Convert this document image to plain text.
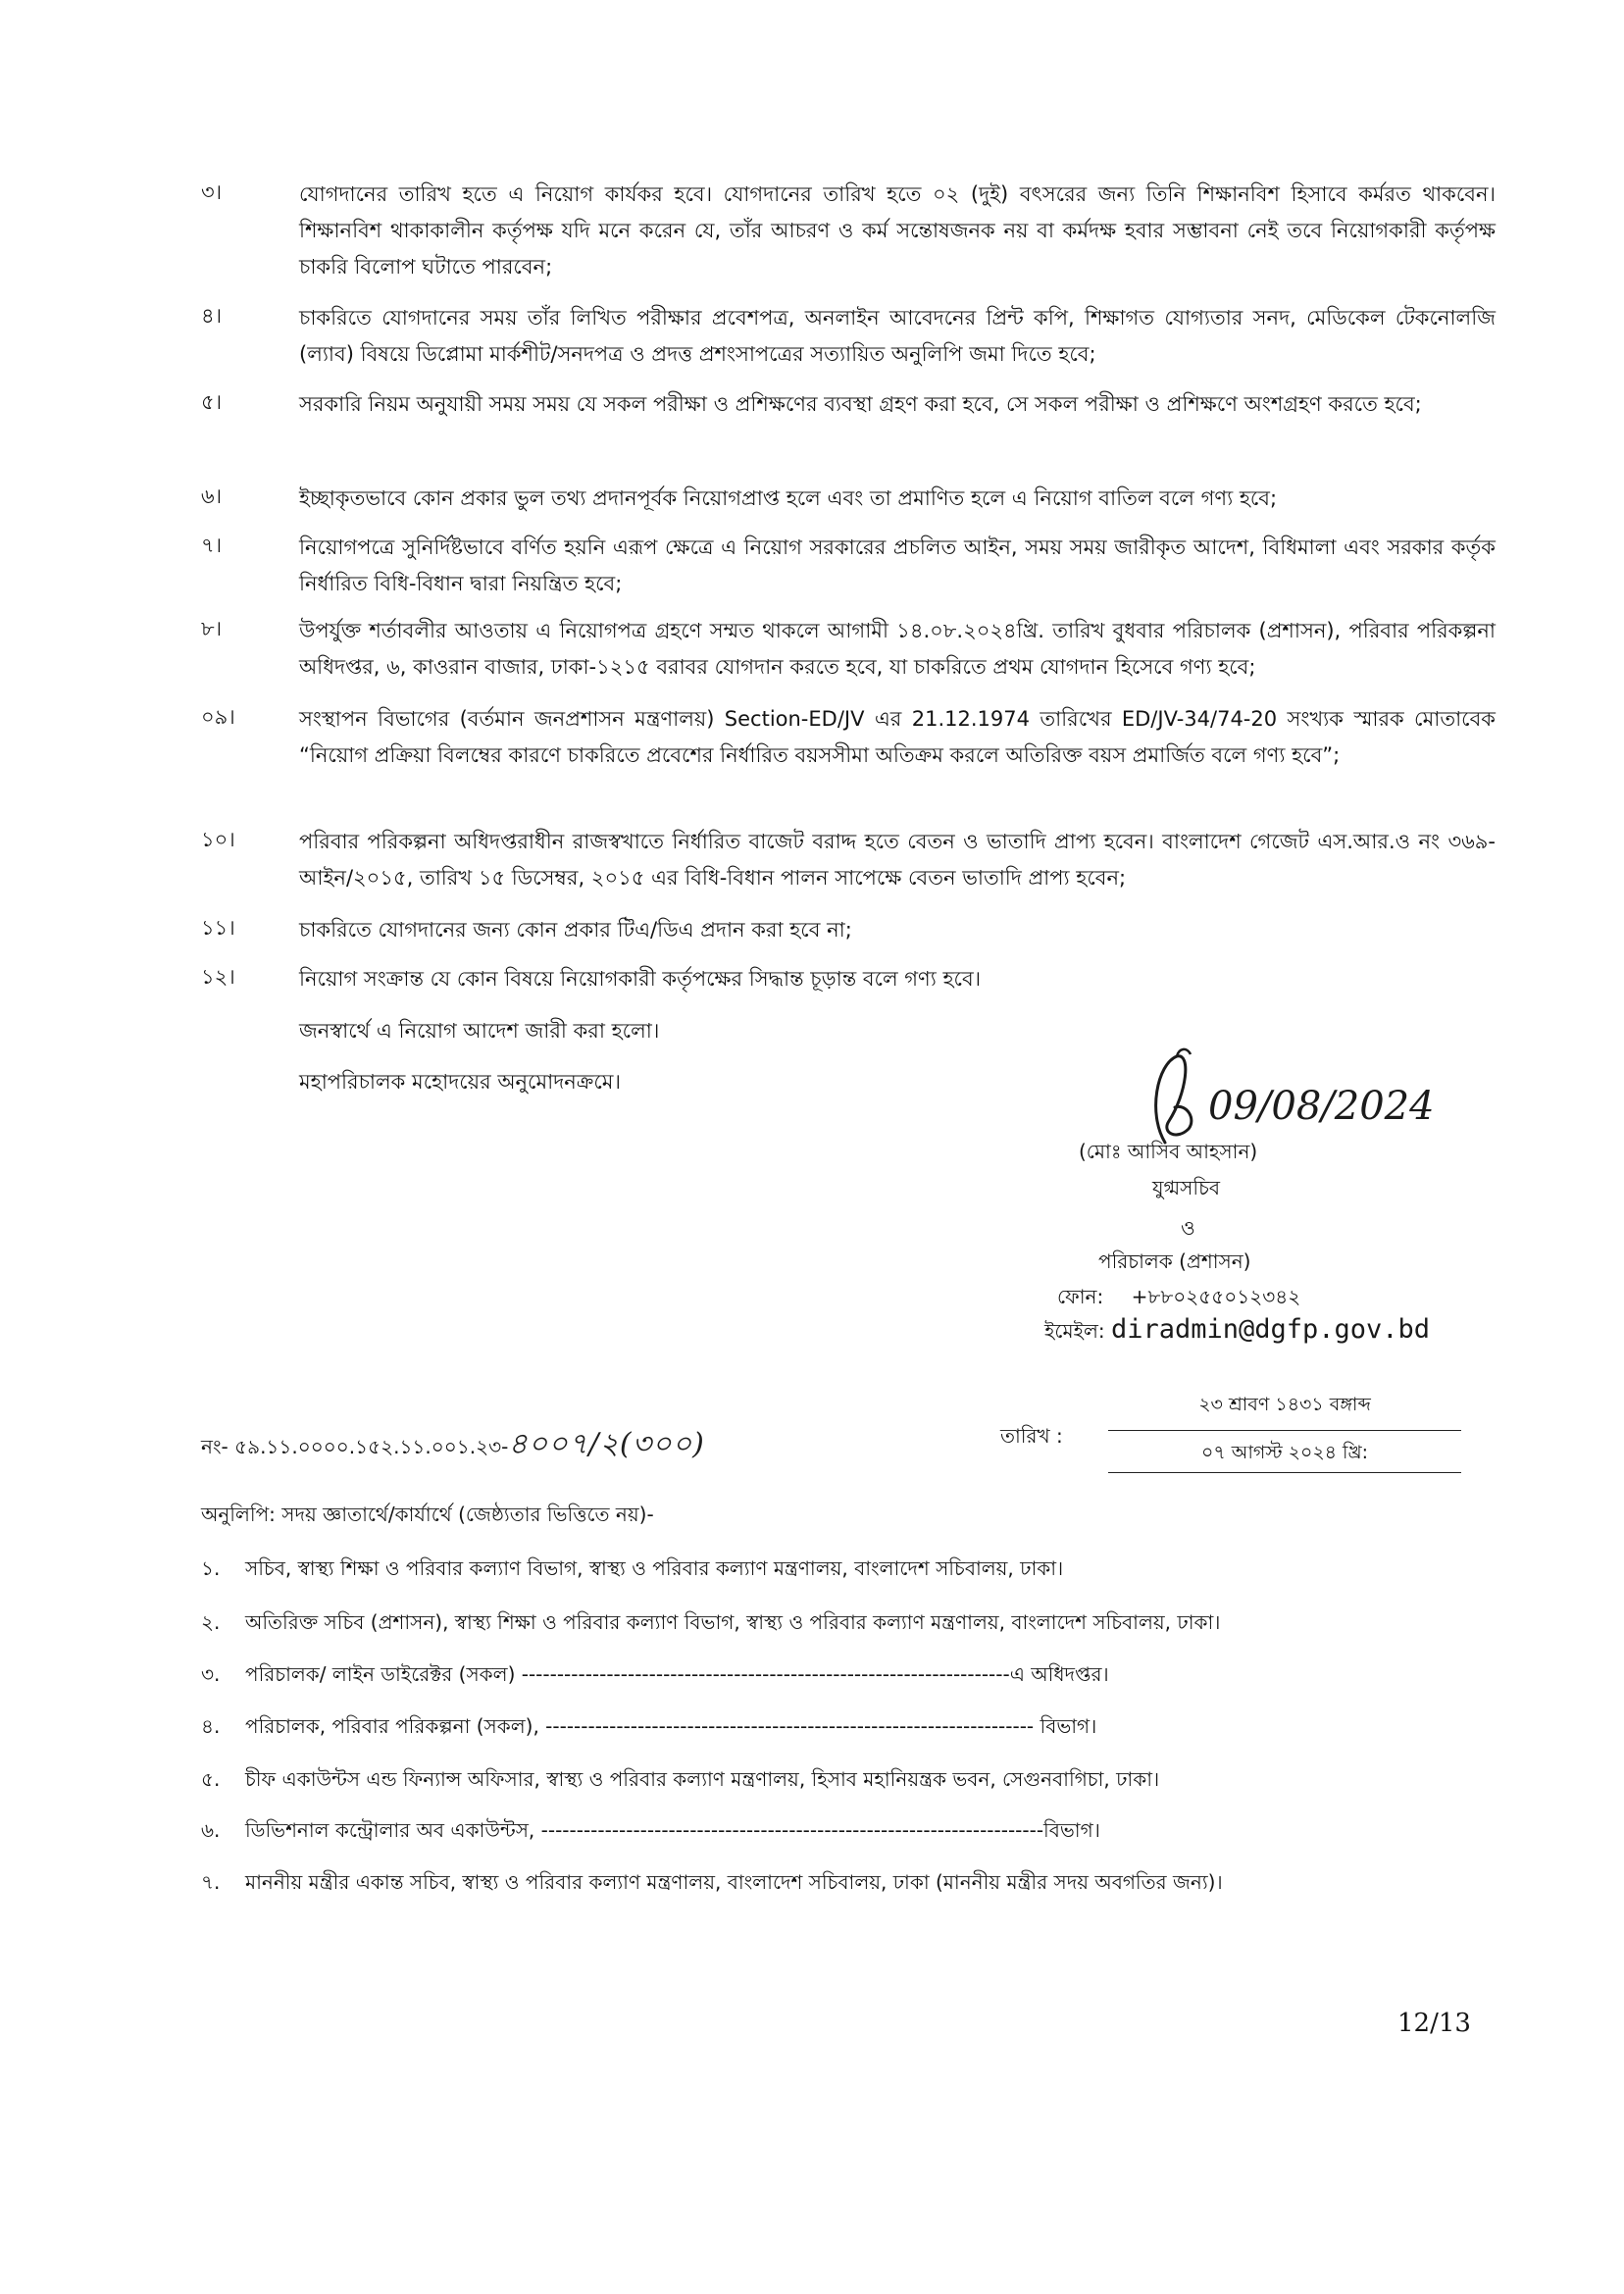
৩।	যোগদানের তারিখ হতে এ নিয়োগ কার্যকর হবে। যোগদানের তারিখ হতে ০২ (দুই) বৎসরের জন্য তিনি শিক্ষানবিশ হিসাবে কর্মরত থাকবেন। শিক্ষানবিশ থাকাকালীন কর্তৃপক্ষ যদি মনে করেন যে, তাঁর আচরণ ও কর্ম সন্তোষজনক নয় বা কর্মদক্ষ হবার সম্ভাবনা নেই তবে নিয়োগকারী কর্তৃপক্ষ চাকরি বিলোপ ঘটাতে পারবেন;
৪।	চাকরিতে যোগদানের সময় তাঁর লিখিত পরীক্ষার প্রবেশপত্র, অনলাইন আবেদনের প্রিন্ট কপি, শিক্ষাগত যোগ্যতার সনদ, মেডিকেল টেকনোলজি (ল্যাব) বিষয়ে ডিপ্লোমা মার্কশীট/সনদপত্র ও প্রদত্ত প্রশংসাপত্রের সত্যায়িত অনুলিপি জমা দিতে হবে;
৫।	সরকারি নিয়ম অনুযায়ী সময় সময় যে সকল পরীক্ষা ও প্রশিক্ষণের ব্যবস্থা গ্রহণ করা হবে, সে সকল পরীক্ষা ও প্রশিক্ষণে অংশগ্রহণ করতে হবে;
৬।	ইচ্ছাকৃতভাবে কোন প্রকার ভুল তথ্য প্রদানপূর্বক নিয়োগপ্রাপ্ত হলে এবং তা প্রমাণিত হলে এ নিয়োগ বাতিল বলে গণ্য হবে;
৭।	নিয়োগপত্রে সুনির্দিষ্টভাবে বর্ণিত হয়নি এরূপ ক্ষেত্রে এ নিয়োগ সরকারের প্রচলিত আইন, সময় সময় জারীকৃত আদেশ, বিধিমালা এবং সরকার কর্তৃক নির্ধারিত বিধি-বিধান দ্বারা নিয়ন্ত্রিত হবে;
৮।	উপর্যুক্ত শর্তাবলীর আওতায় এ নিয়োগপত্র গ্রহণে সম্মত থাকলে আগামী ১৪.০৮.২০২৪খ্রি. তারিখ বুধবার পরিচালক (প্রশাসন), পরিবার পরিকল্পনা অধিদপ্তর, ৬, কাওরান বাজার, ঢাকা-১২১৫ বরাবর যোগদান করতে হবে, যা চাকরিতে প্রথম যোগদান হিসেবে গণ্য হবে;
০৯।	সংস্থাপন বিভাগের (বর্তমান জনপ্রশাসন মন্ত্রণালয়) Section-ED/JV এর 21.12.1974 তারিখের ED/JV-34/74-20 সংখ্যক স্মারক মোতাবেক “নিয়োগ প্রক্রিয়া বিলম্বের কারণে চাকরিতে প্রবেশের নির্ধারিত বয়সসীমা অতিক্রম করলে অতিরিক্ত বয়স প্রমার্জিত বলে গণ্য হবে”;
১০।	পরিবার পরিকল্পনা অধিদপ্তরাধীন রাজস্বখাতে নির্ধারিত বাজেট বরাদ্দ হতে বেতন ও ভাতাদি প্রাপ্য হবেন। বাংলাদেশ গেজেট এস.আর.ও নং ৩৬৯-আইন/২০১৫, তারিখ ১৫ ডিসেম্বর, ২০১৫ এর বিধি-বিধান পালন সাপেক্ষে বেতন ভাতাদি প্রাপ্য হবেন;
১১।	চাকরিতে যোগদানের জন্য কোন প্রকার টিএ/ডিএ প্রদান করা হবে না;
১২।	নিয়োগ সংক্রান্ত যে কোন বিষয়ে নিয়োগকারী কর্তৃপক্ষের সিদ্ধান্ত চূড়ান্ত বলে গণ্য হবে।
জনস্বার্থে এ নিয়োগ আদেশ জারী করা হলো।
মহাপরিচালক মহোদয়ের অনুমোদনক্রমে।
09/08/2024
(মোঃ আসিব আহসান)
যুগ্মসচিব
ও
পরিচালক (প্রশাসন)
ফোন: +৮৮০২৫৫০১২৩৪২
ইমেইল: diradmin@dgfp.gov.bd
নং- ৫৯.১১.০০০০.১৫২.১১.০০১.২৩-৪০০৭/২(৩০০)	তারিখ :
২৩ শ্রাবণ ১৪৩১ বঙ্গাব্দ
০৭ আগস্ট ২০২৪ খ্রি:
অনুলিপি: সদয় জ্ঞাতার্থে/কার্যার্থে (জেষ্ঠ্যতার ভিত্তিতে নয়)-
১. সচিব, স্বাস্থ্য শিক্ষা ও পরিবার কল্যাণ বিভাগ, স্বাস্থ্য ও পরিবার কল্যাণ মন্ত্রণালয়, বাংলাদেশ সচিবালয়, ঢাকা।
২. অতিরিক্ত সচিব (প্রশাসন), স্বাস্থ্য শিক্ষা ও পরিবার কল্যাণ বিভাগ, স্বাস্থ্য ও পরিবার কল্যাণ মন্ত্রণালয়, বাংলাদেশ সচিবালয়, ঢাকা।
৩. পরিচালক/ লাইন ডাইরেক্টর (সকল) ---------------------------------------------------------------------এ অধিদপ্তর।
৪. পরিচালক, পরিবার পরিকল্পনা (সকল), --------------------------------------------------------------------- বিভাগ।
৫. চীফ একাউন্টস এন্ড ফিন্যান্স অফিসার, স্বাস্থ্য ও পরিবার কল্যাণ মন্ত্রণালয়, হিসাব মহানিয়ন্ত্রক ভবন, সেগুনবাগিচা, ঢাকা।
৬. ডিভিশনাল কন্ট্রোলার অব একাউন্টস, -----------------------------------------------------------------------বিভাগ।
৭. মাননীয় মন্ত্রীর একান্ত সচিব, স্বাস্থ্য ও পরিবার কল্যাণ মন্ত্রণালয়, বাংলাদেশ সচিবালয়, ঢাকা (মাননীয় মন্ত্রীর সদয় অবগতির জন্য)।
12/13
